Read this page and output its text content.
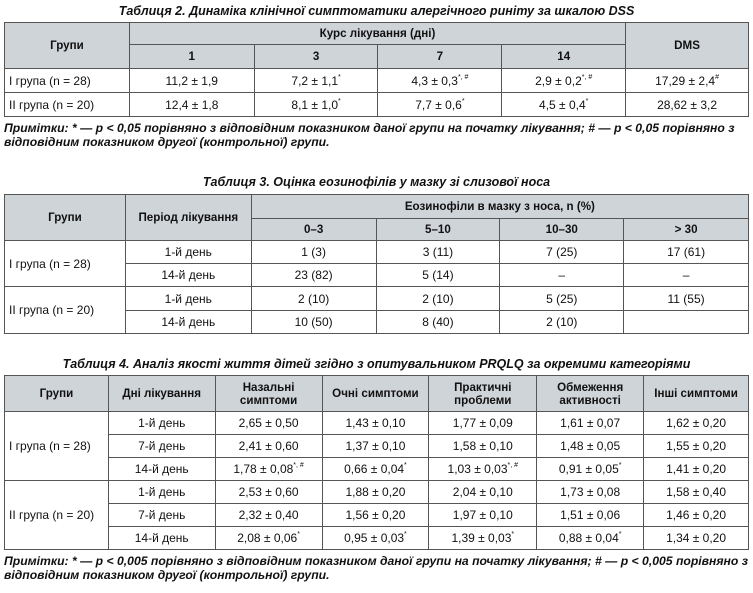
Таблиця 2. Динаміка клінічної симптоматики алергічного риніту за шкалою DSS
Групи	Курс лікування (дні)				DMS
	1	3	7	14	
І група (n = 28)	11,2 ± 1,9	7,2 ± 1,1*	4,3 ± 0,3*, #	2,9 ± 0,2*, #	17,29 ± 2,4#
ІІ група (n = 20)	12,4 ± 1,8	8,1 ± 1,0*	7,7 ± 0,6*	4,5 ± 0,4*	28,62 ± 3,2
Примітки: * — р < 0,05 порівняно з відповідним показником даної групи на початку лікування; # — р < 0,05 порівняно з відповідним показником другої (контрольної) групи.
Таблиця 3. Оцінка еозинофілів у мазку зі слизової носа
Групи	Період лікування	Еозинофіли в мазку з носа, n (%)			
		0–3	5–10	10–30	> 30
І група (n = 28)	1-й день	1 (3)	3 (11)	7 (25)	17 (61)
	14-й день	23 (82)	5 (14)	–	–
ІІ група (n = 20)	1-й день	2 (10)	2 (10)	5 (25)	11 (55)
	14-й день	10 (50)	8 (40)	2 (10)	
Таблиця 4. Аналіз якості життя дітей згідно з опитувальником PRQLQ за окремими категоріями
Групи	Дні лікування	Назальні симптоми	Очні симптоми	Практичні проблеми	Обмеження активності	Інші симптоми
І група (n = 28)	1-й день	2,65 ± 0,50	1,43 ± 0,10	1,77 ± 0,09	1,61 ± 0,07	1,62 ± 0,20
	7-й день	2,41 ± 0,60	1,37 ± 0,10	1,58 ± 0,10	1,48 ± 0,05	1,55 ± 0,20
	14-й день	1,78 ± 0,08*, #	0,66 ± 0,04*	1,03 ± 0,03*, #	0,91 ± 0,05*	1,41 ± 0,20
ІІ група (n = 20)	1-й день	2,53 ± 0,60	1,88 ± 0,20	2,04 ± 0,10	1,73 ± 0,08	1,58 ± 0,40
	7-й день	2,32 ± 0,40	1,56 ± 0,20	1,97 ± 0,10	1,51 ± 0,06	1,46 ± 0,20
	14-й день	2,08 ± 0,06*	0,95 ± 0,03*	1,39 ± 0,03*	0,88 ± 0,04*	1,34 ± 0,20
Примітки: * — р < 0,005 порівняно з відповідним показником даної групи на початку лікування; # — р < 0,005 порівняно з відповідним показником другої (контрольної) групи.
